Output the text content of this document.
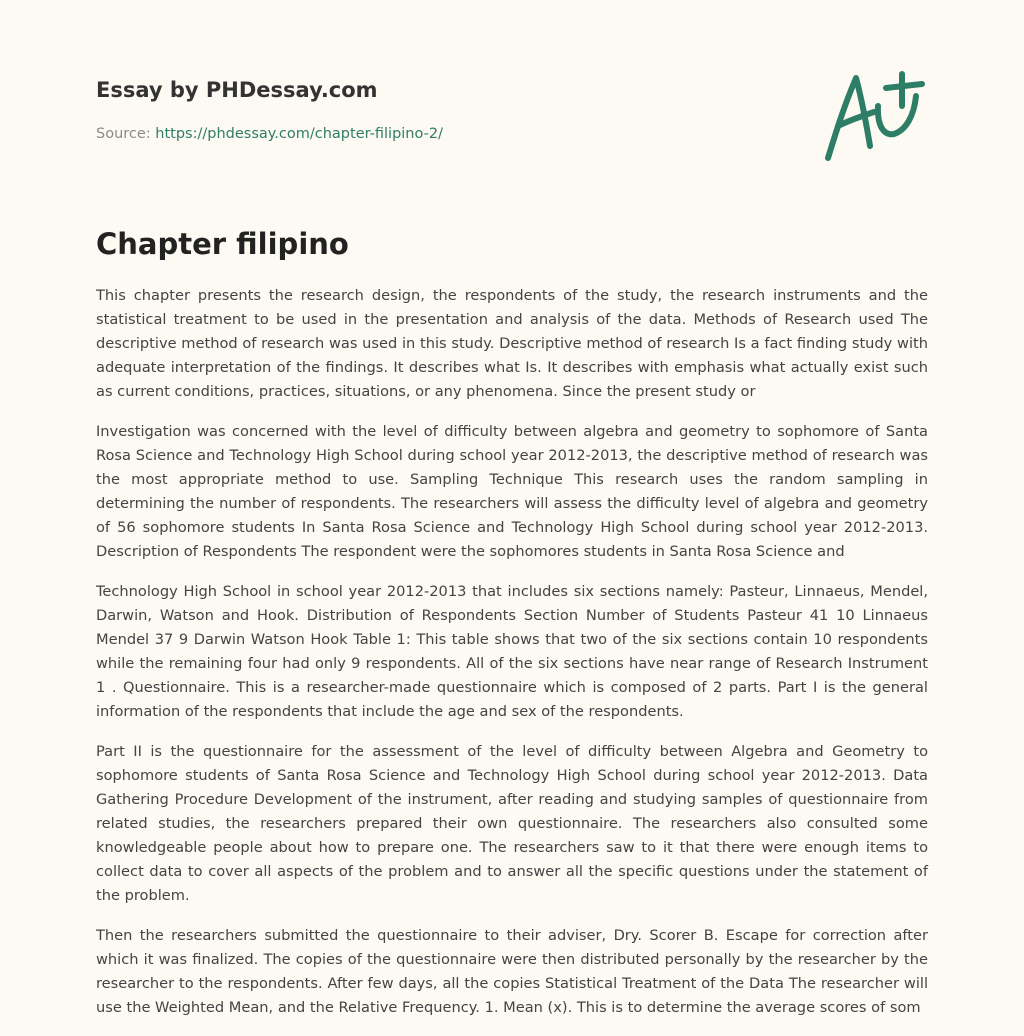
Essay by PHDessay.com

Source: https://phdessay.com/chapter-filipino-2/

Chapter filipino

This chapter presents the research design, the respondents of the study, the research instruments and the statistical treatment to be used in the presentation and analysis of the data. Methods of Research used The descriptive method of research was used in this study. Descriptive method of research Is a fact finding study with adequate interpretation of the findings. It describes what Is. It describes with emphasis what actually exist such as current conditions, practices, situations, or any phenomena. Since the present study or

Investigation was concerned with the level of difficulty between algebra and geometry to sophomore of Santa Rosa Science and Technology High School during school year 2012-2013, the descriptive method of research was the most appropriate method to use. Sampling Technique This research uses the random sampling in determining the number of respondents. The researchers will assess the difficulty level of algebra and geometry of 56 sophomore students In Santa Rosa Science and Technology High School during school year 2012-2013. Description of Respondents The respondent were the sophomores students in Santa Rosa Science and

Technology High School in school year 2012-2013 that includes six sections namely: Pasteur, Linnaeus, Mendel, Darwin, Watson and Hook. Distribution of Respondents Section Number of Students Pasteur 41 10 Linnaeus Mendel 37 9 Darwin Watson Hook Table 1: This table shows that two of the six sections contain 10 respondents while the remaining four had only 9 respondents. All of the six sections have near range of Research Instrument 1 . Questionnaire. This is a researcher-made questionnaire which is composed of 2 parts. Part I is the general information of the respondents that include the age and sex of the respondents.

Part II is the questionnaire for the assessment of the level of difficulty between Algebra and Geometry to sophomore students of Santa Rosa Science and Technology High School during school year 2012-2013. Data Gathering Procedure Development of the instrument, after reading and studying samples of questionnaire from related studies, the researchers prepared their own questionnaire. The researchers also consulted some knowledgeable people about how to prepare one. The researchers saw to it that there were enough items to collect data to cover all aspects of the problem and to answer all the specific questions under the statement of the problem.

Then the researchers submitted the questionnaire to their adviser, Dry. Scorer B. Escape for correction after which it was finalized. The copies of the questionnaire were then distributed personally by the researcher by the researcher to the respondents. After few days, all the copies Statistical Treatment of the Data The researcher will use the Weighted Mean, and the Relative Frequency. 1. Mean (x). This is to determine the average scores of som
